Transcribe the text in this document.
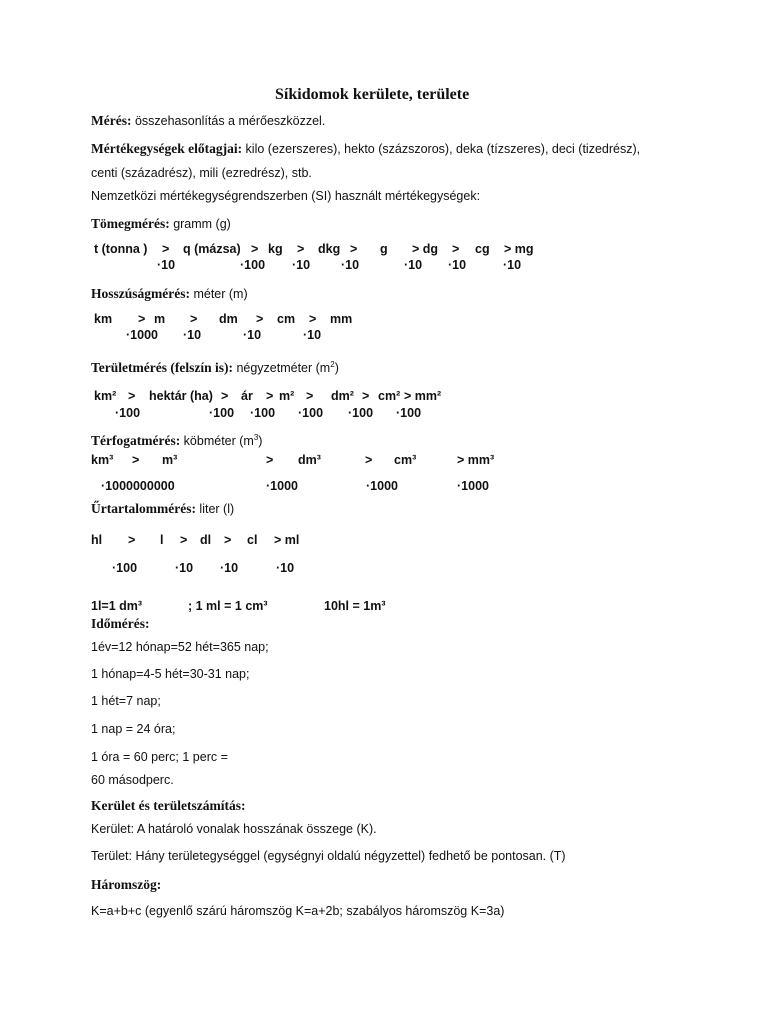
Síkidomok kerülete, területe
Mérés: összehasonlítás a mérőeszközzel.
Mértékegységek előtagjai: kilo (ezerszeres), hekto (százszoros), deka (tízszeres), deci (tizedrész),
centi (századrész), mili (ezredrész), stb.
Nemzetközi mértékegységrendszerben (SI) használt mértékegységek:
Tömegmérés: gramm (g)
t (tonna ) > q (mázsa) > kg > dkg > g > dg > cg > mg
·10	·100 ·10 ·10	·10 ·10	·10
Hosszúságmérés: méter (m)
km > m > dm > cm > mm
·1000 ·10	·10	·10
Területmérés (felszín is): négyzetméter $(m^2)$
km² > hektár (ha) > ár > m² > dm² > cm² > mm²
·100	·100 ·100 ·100 ·100 ·100
Térfogatmérés: köbméter $(m^3)$
km³ > m³	> dm³	> cm³	> mm³
·1000000000	·1000	·1000	·1000
Űrtartalommérés: liter (l)
hl > l > dl > cl > ml
·100	·10 ·10	·10
1l=1 dm³	; 1 ml = 1 cm³	10hl = 1m³
Időmérés:
1év=12 hónap=52 hét=365 nap;
1 hónap=4-5 hét=30-31 nap;
1 hét=7 nap;
1 nap = 24 óra;
1 óra = 60 perc; 1 perc =
60 másodperc.
Kerület és területszámítás:
Kerület: A határoló vonalak hosszának összege (K).
Terület: Hány területegységgel (egységnyi oldalú négyzettel) fedhető be pontosan. (T)
Háromszög:
K=a+b+c (egyenlő szárú háromszög K=a+2b; szabályos háromszög K=3a)
